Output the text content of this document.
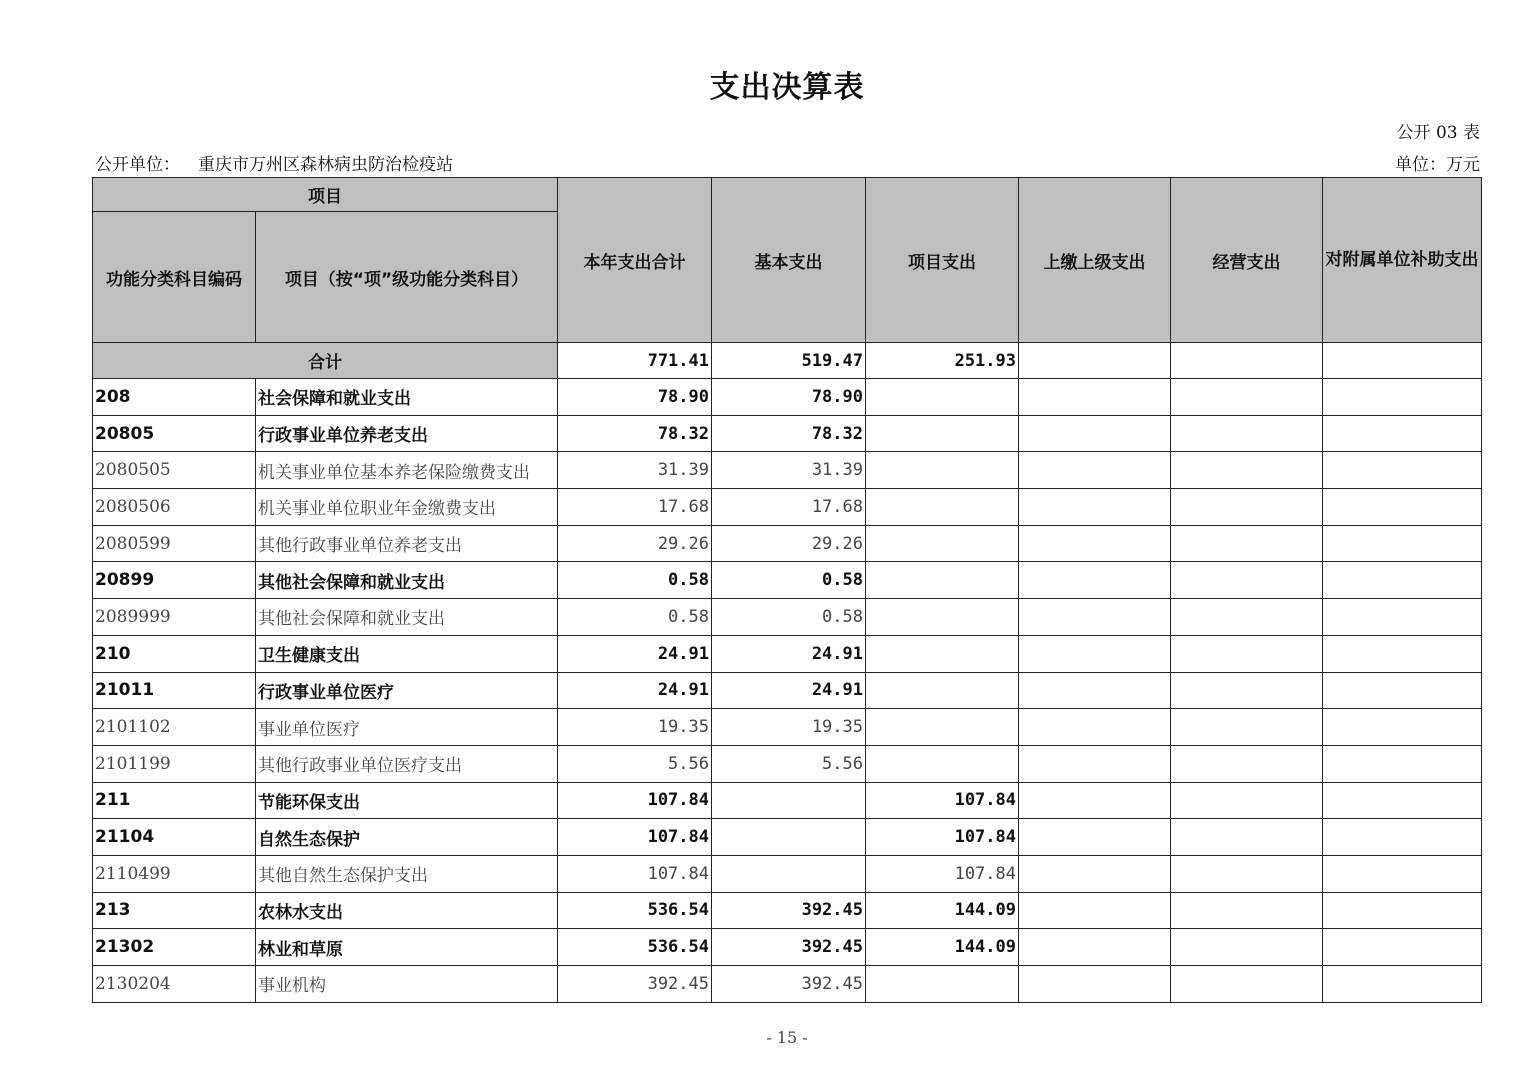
支出决算表
公开 03 表
公开单位： 重庆市万州区森林病虫防治检疫站	单位：万元
项目		本年支出合计	基本支出	项目支出	上缴上级支出	经营支出	对附属单位补助支出
功能分类科目编码	项目（按“项”级功能分类科目）						
合计		771.41	519.47	251.93			
208	社会保障和就业支出	78.90	78.90				
20805	行政事业单位养老支出	78.32	78.32				
2080505	机关事业单位基本养老保险缴费支出	31.39	31.39				
2080506	机关事业单位职业年金缴费支出	17.68	17.68				
2080599	其他行政事业单位养老支出	29.26	29.26				
20899	其他社会保障和就业支出	0.58	0.58				
2089999	其他社会保障和就业支出	0.58	0.58				
210	卫生健康支出	24.91	24.91				
21011	行政事业单位医疗	24.91	24.91				
2101102	事业单位医疗	19.35	19.35				
2101199	其他行政事业单位医疗支出	5.56	5.56				
211	节能环保支出	107.84		107.84			
21104	自然生态保护	107.84		107.84			
2110499	其他自然生态保护支出	107.84		107.84			
213	农林水支出	536.54	392.45	144.09			
21302	林业和草原	536.54	392.45	144.09			
2130204	事业机构	392.45	392.45				
- 15 -
